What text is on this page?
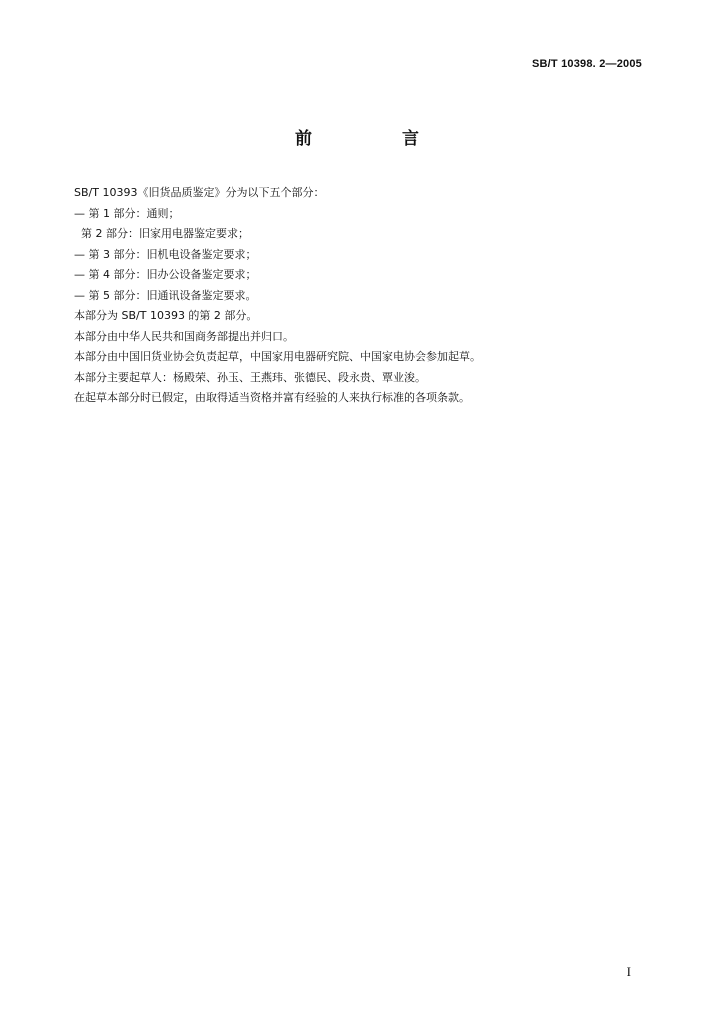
SB/T 10398. 2—2005
前 言
SB/T 10393《旧货品质鉴定》分为以下五个部分：
— 第 1 部分：通则；
第 2 部分：旧家用电器鉴定要求；
— 第 3 部分：旧机电设备鉴定要求；
— 第 4 部分：旧办公设备鉴定要求；
— 第 5 部分：旧通讯设备鉴定要求。
本部分为 SB/T 10393 的第 2 部分。
本部分由中华人民共和国商务部提出并归口。
本部分由中国旧货业协会负责起草，中国家用电器研究院、中国家电协会参加起草。
本部分主要起草人：杨殿荣、孙玉、王燕玮、张德民、段永贵、覃业浚。
在起草本部分时已假定，由取得适当资格并富有经验的人来执行标准的各项条款。
I
